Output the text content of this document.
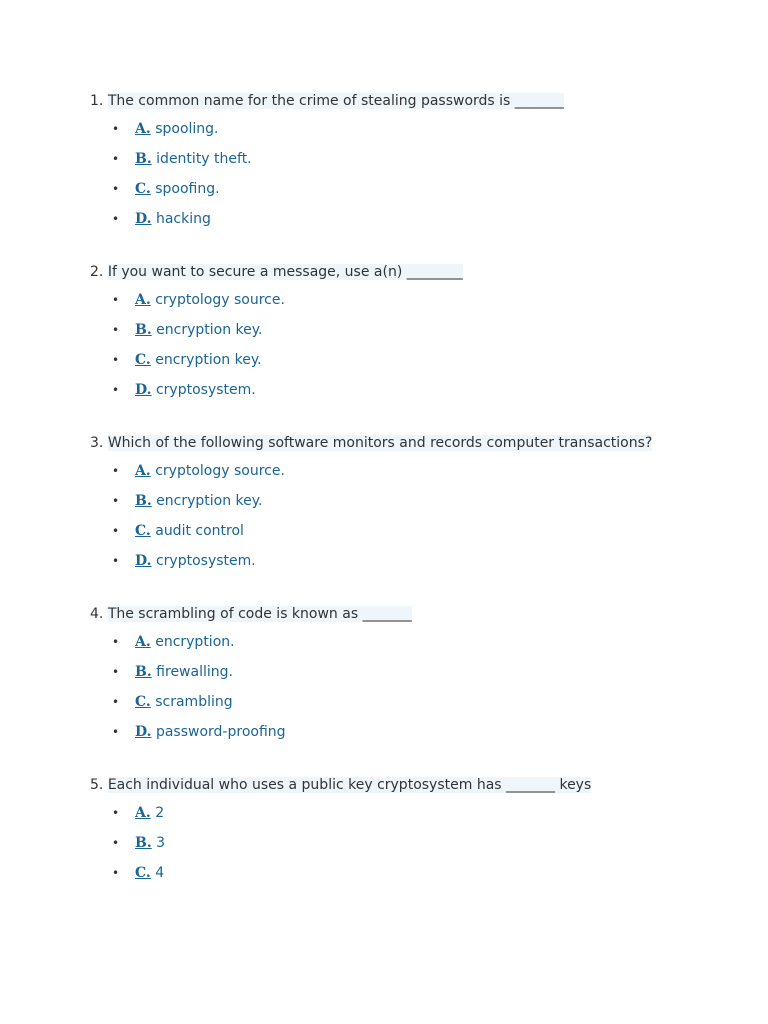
1. The common name for the crime of stealing passwords is _______
• A. spooling.
• B. identity theft.
• C. spoofing.
• D. hacking
2. If you want to secure a message, use a(n) ________
• A. cryptology source.
• B. encryption key.
• C. encryption key.
• D. cryptosystem.
3. Which of the following software monitors and records computer transactions?
• A. cryptology source.
• B. encryption key.
• C. audit control
• D. cryptosystem.
4. The scrambling of code is known as _______
• A. encryption.
• B. firewalling.
• C. scrambling
• D. password-proofing
5. Each individual who uses a public key cryptosystem has _______ keys
• A. 2
• B. 3
• C. 4
